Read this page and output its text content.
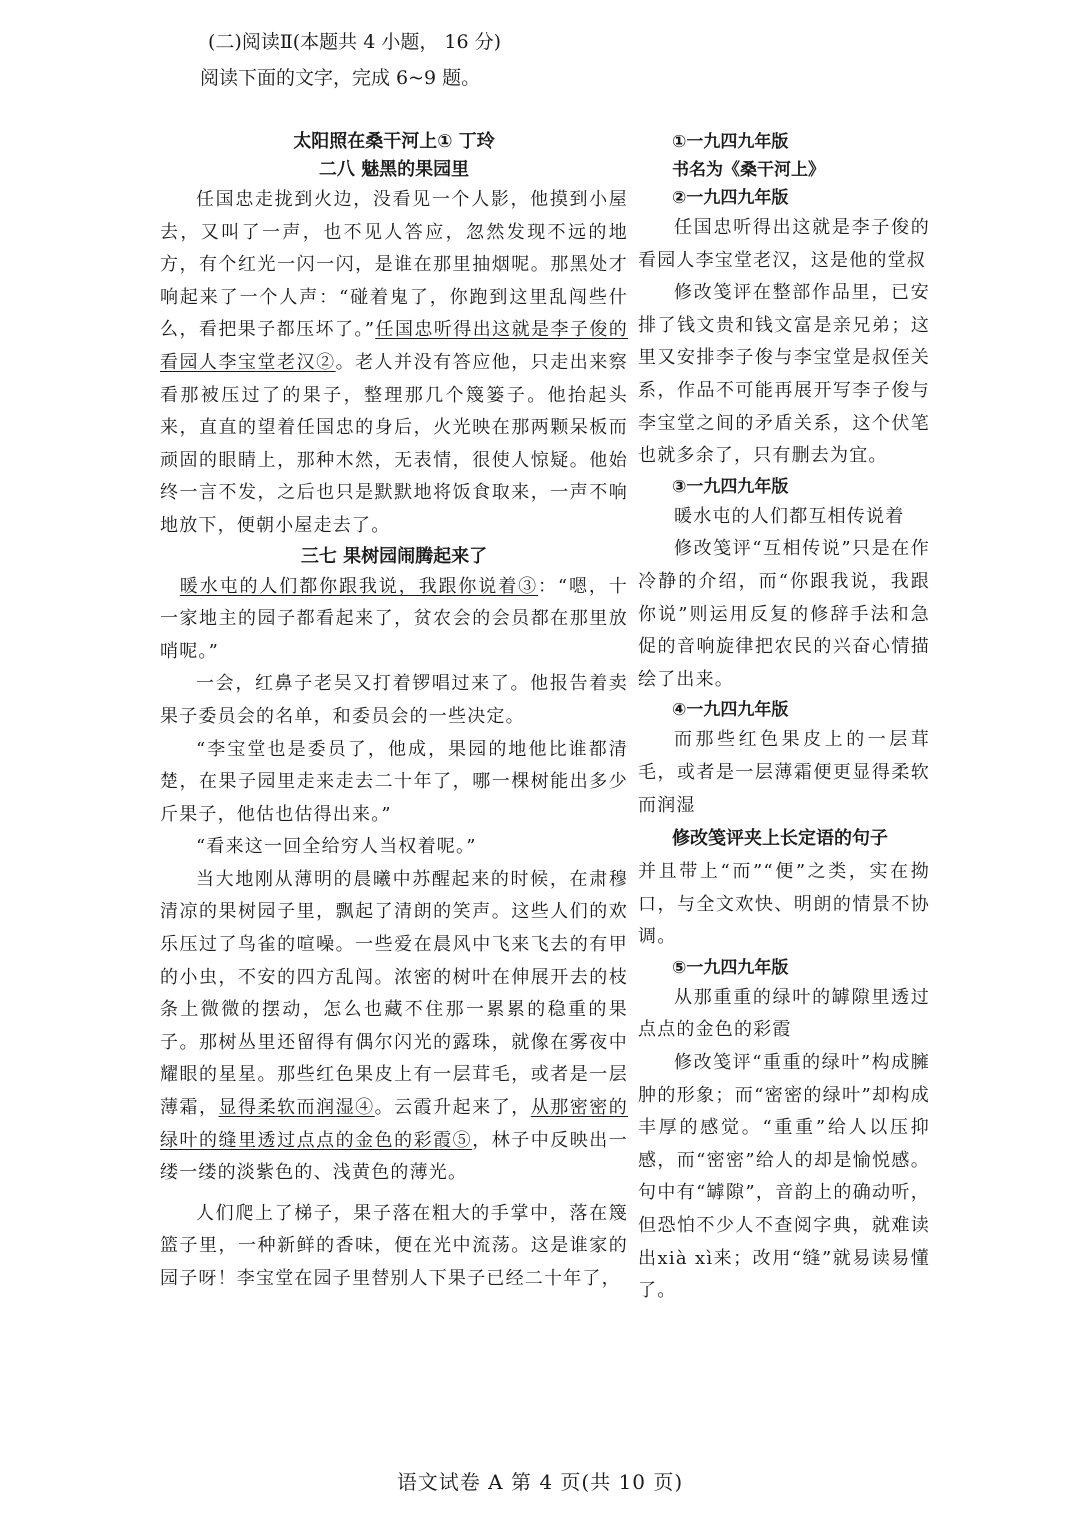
(二)阅读Ⅱ(本题共 4 小题， 16 分)
阅读下面的文字，完成 6~9 题。
太阳照在桑干河上① 丁玲
二八 魅黑的果园里

任国忠走拢到火边，没看见一个人影，他摸到小屋去，又叫了一声，也不见人答应，忽然发现不远的地方，有个红光一闪一闪，是谁在那里抽烟呢。那黑处才响起来了一个人声：“碰着鬼了，你跑到这里乱闯些什么，看把果子都压坏了。”任国忠听得出这就是李子俊的看园人李宝堂老汉②。老人并没有答应他，只走出来察看那被压过了的果子，整理那几个篾篓子。他抬起头来，直直的望着任国忠的身后，火光映在那两颗呆板而顽固的眼睛上，那种木然，无表情，很使人惊疑。他始终一言不发，之后也只是默默地将饭食取来，一声不响地放下，便朝小屋走去了。

三七 果树园闹腾起来了

暖水屯的人们都你跟我说，我跟你说着③：“嗯，十一家地主的园子都看起来了，贫农会的会员都在那里放哨呢。”

一会，红鼻子老吴又打着锣唱过来了。他报告着卖果子委员会的名单，和委员会的一些决定。

“李宝堂也是委员了，他成，果园的地他比谁都清楚，在果子园里走来走去二十年了，哪一棵树能出多少斤果子，他估也估得出来。”

“看来这一回全给穷人当权着呢。”

当大地刚从薄明的晨曦中苏醒起来的时候，在肃穆清凉的果树园子里，飘起了清朗的笑声。这些人们的欢乐压过了鸟雀的喧噪。一些爱在晨风中飞来飞去的有甲的小虫，不安的四方乱闯。浓密的树叶在伸展开去的枝条上微微的摆动，怎么也藏不住那一累累的稳重的果子。那树丛里还留得有偶尔闪光的露珠，就像在雾夜中耀眼的星星。那些红色果皮上有一层茸毛，或者是一层薄霜，显得柔软而润湿④。云霞升起来了，从那密密的绿叶的缝里透过点点的金色的彩霞⑤，林子中反映出一缕一缕的淡紫色的、浅黄色的薄光。

人们爬上了梯子，果子落在粗大的手掌中，落在篾篮子里，一种新鲜的香味，便在光中流荡。这是谁家的园子呀！李宝堂在园子里替别人下果子已经二十年了，

①一九四九年版
书名为《桑干河上》
②一九四九年版

任国忠听得出这就是李子俊的看园人李宝堂老汉，这是他的堂叔

修改笺评在整部作品里，已安排了钱文贵和钱文富是亲兄弟；这里又安排李子俊与李宝堂是叔侄关系，作品不可能再展开写李子俊与李宝堂之间的矛盾关系，这个伏笔也就多余了，只有删去为宜。

③一九四九年版

暖水屯的人们都互相传说着

修改笺评“互相传说”只是在作冷静的介绍，而“你跟我说，我跟你说”则运用反复的修辞手法和急促的音响旋律把农民的兴奋心情描绘了出来。

④一九四九年版

而那些红色果皮上的一层茸毛，或者是一层薄霜便更显得柔软而润湿

修改笺评夹上长定语的句子

并且带上“而”“便”之类，实在拗口，与全文欢快、明朗的情景不协调。

⑤一九四九年版

从那重重的绿叶的罅隙里透过点点的金色的彩霞

修改笺评“重重的绿叶”构成臃肿的形象；而“密密的绿叶”却构成丰厚的感觉。“重重”给人以压抑感，而“密密”给人的却是愉悦感。句中有“罅隙”，音韵上的确动听，但恐怕不少人不查阅字典，就难读出xià xì来；改用“缝”就易读易懂了。

语文试卷 A 第 4 页(共 10 页)
